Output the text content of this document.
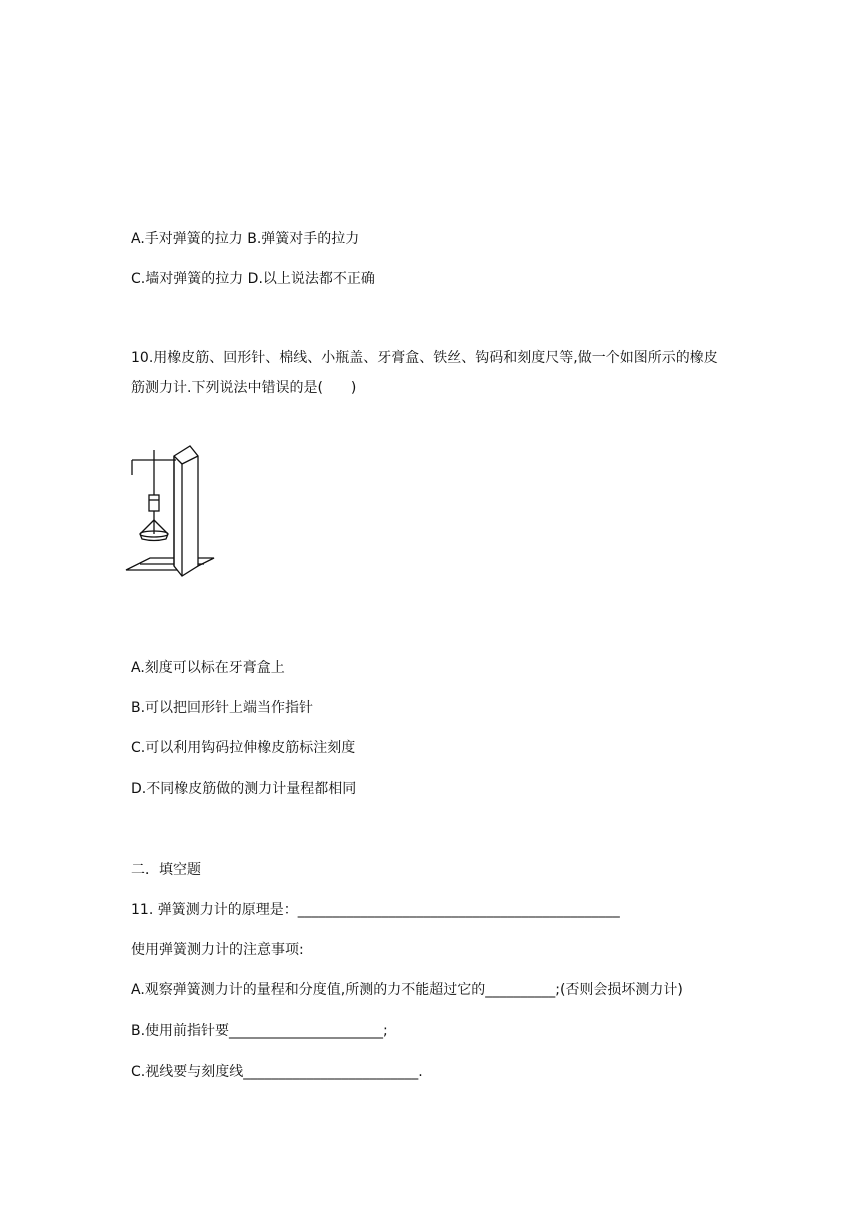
A.手对弹簧的拉力 B.弹簧对手的拉力
C.墙对弹簧的拉力 D.以上说法都不正确
10.用橡皮筋、回形针、棉线、小瓶盖、牙膏盒、铁丝、钩码和刻度尺等,做一个如图所示的橡皮筋测力计.下列说法中错误的是(　　)
A.刻度可以标在牙膏盒上
B.可以把回形针上端当作指针
C.可以利用钩码拉伸橡皮筋标注刻度
D.不同橡皮筋做的测力计量程都相同
二．填空题
11. 弹簧测力计的原理是：______________________________________________
使用弹簧测力计的注意事项:
A.观察弹簧测力计的量程和分度值,所测的力不能超过它的__________;(否则会损坏测力计)
B.使用前指针要______________________;
C.视线要与刻度线_________________________.
